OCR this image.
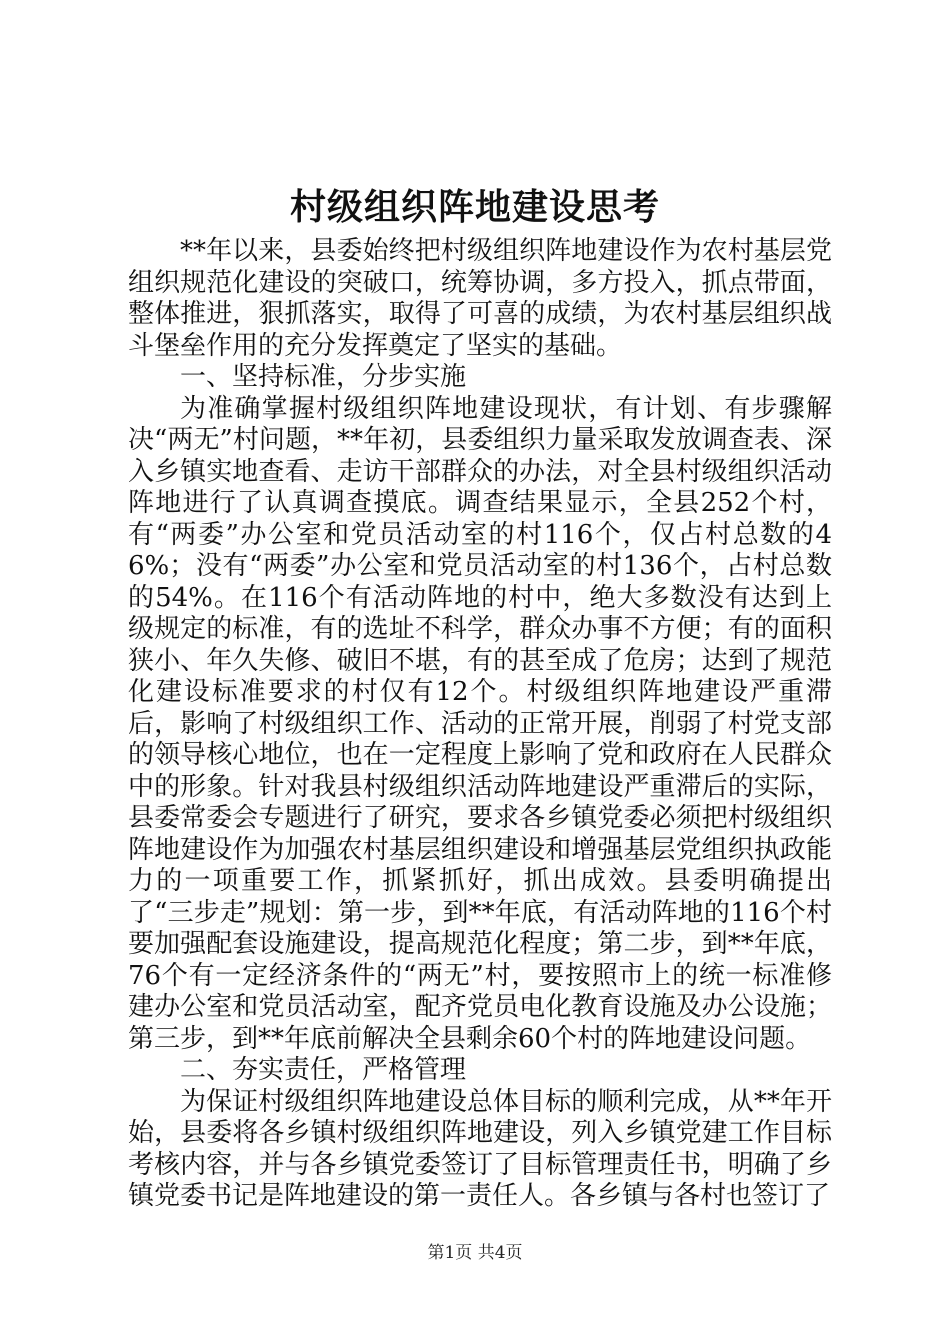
村级组织阵地建设思考

**年以来，县委始终把村级组织阵地建设作为农村基层党组织规范化建设的突破口，统筹协调，多方投入，抓点带面，整体推进，狠抓落实，取得了可喜的成绩，为农村基层组织战斗堡垒作用的充分发挥奠定了坚实的基础。

一、坚持标准，分步实施

为准确掌握村级组织阵地建设现状，有计划、有步骤解决“两无”村问题，**年初，县委组织力量采取发放调查表、深入乡镇实地查看、走访干部群众的办法，对全县村级组织活动阵地进行了认真调查摸底。调查结果显示，全县252个村，有“两委”办公室和党员活动室的村116个，仅占村总数的46%；没有“两委”办公室和党员活动室的村136个，占村总数的54%。在116个有活动阵地的村中，绝大多数没有达到上级规定的标准，有的选址不科学，群众办事不方便；有的面积狭小、年久失修、破旧不堪，有的甚至成了危房；达到了规范化建设标准要求的村仅有12个。村级组织阵地建设严重滞后，影响了村级组织工作、活动的正常开展，削弱了村党支部的领导核心地位，也在一定程度上影响了党和政府在人民群众中的形象。针对我县村级组织活动阵地建设严重滞后的实际，县委常委会专题进行了研究，要求各乡镇党委必须把村级组织阵地建设作为加强农村基层组织建设和增强基层党组织执政能力的一项重要工作，抓紧抓好，抓出成效。县委明确提出了“三步走”规划：第一步，到**年底，有活动阵地的116个村要加强配套设施建设，提高规范化程度；第二步，到**年底，76个有一定经济条件的“两无”村，要按照市上的统一标准修建办公室和党员活动室，配齐党员电化教育设施及办公设施；第三步，到**年底前解决全县剩余60个村的阵地建设问题。

二、夯实责任，严格管理

为保证村级组织阵地建设总体目标的顺利完成，从**年开始，县委将各乡镇村级组织阵地建设，列入乡镇党建工作目标考核内容，并与各乡镇党委签订了目标管理责任书，明确了乡镇党委书记是阵地建设的第一责任人。各乡镇与各村也签订了

第1页 共4页
